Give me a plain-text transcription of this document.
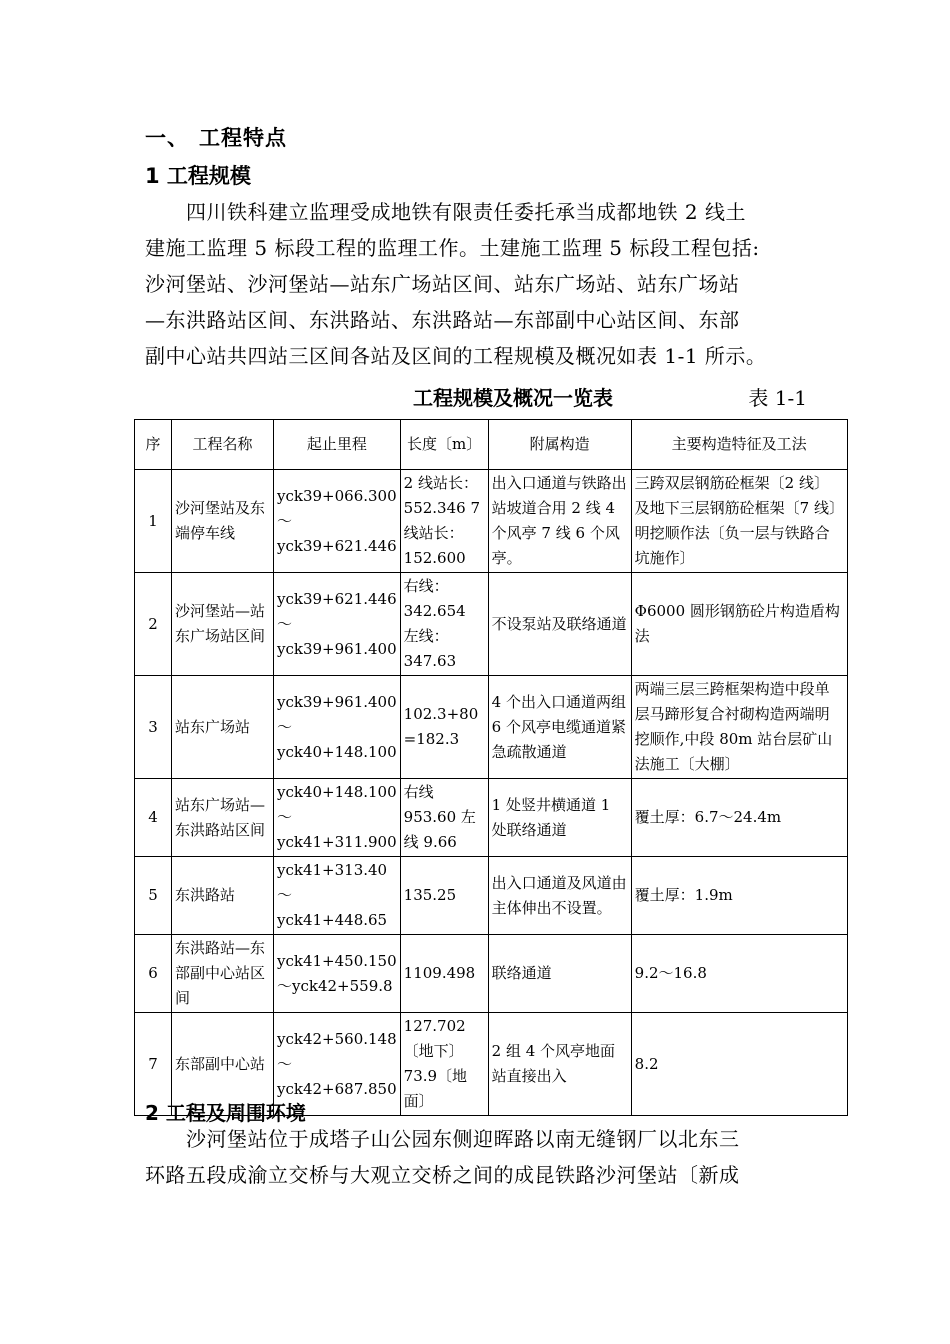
一、 工程特点
1 工程规模
　　四川铁科建立监理受成地铁有限责任委托承当成都地铁 2 线土
建施工监理 5 标段工程的监理工作。土建施工监理 5 标段工程包括:
沙河堡站、沙河堡站—站东广场站区间、站东广场站、站东广场站
—东洪路站区间、东洪路站、东洪路站—东部副中心站区间、东部
副中心站共四站三区间各站及区间的工程规模及概况如表 1-1 所示。
工程规模及概况一览表	表 1-1
序	工程名称	起止里程	长度〔m〕	附属构造	主要构造特征及工法
1	沙河堡站及东端停车线	yck39+066.300～yck39+621.446	2 线站长：552.346 7 线站长：152.600	出入口通道与铁路出站坡道合用 2 线 4 个风亭 7 线 6 个风亭。	三跨双层钢筋砼框架〔2 线〕及地下三层钢筋砼框架〔7 线〕明挖顺作法〔负一层与铁路合坑施作〕
2	沙河堡站—站东广场站区间	yck39+621.446～yck39+961.400	右线：342.654 左线：347.63	不设泵站及联络通道	Φ6000 圆形钢筋砼片构造盾构法
3	站东广场站	yck39+961.400～yck40+148.100	102.3+80 =182.3	4 个出入口通道两组 6 个风亭电缆通道紧急疏散通道	两端三层三跨框架构造中段单层马蹄形复合衬砌构造两端明挖顺作,中段 80m 站台层矿山法施工〔大棚〕
4	站东广场站—东洪路站区间	yck40+148.100～yck41+311.900	右线 953.60 左线 9.66	1 处竖井横通道 1 处联络通道	覆土厚：6.7～24.4m
5	东洪路站	yck41+313.40 ～yck41+448.65	135.25	出入口通道及风道由主体伸出不设置。	覆土厚：1.9m
6	东洪路站—东部副中心站区间	yck41+450.150～yck42+559.8	1109.498	联络通道	9.2～16.8
7	东部副中心站	yck42+560.148～yck42+687.850	127.702〔地下〕73.9〔地面〕	2 组 4 个风亭地面站直接出入	8.2
2 工程及周围环境
　　沙河堡站位于成塔子山公园东侧迎晖路以南无缝钢厂以北东三
环路五段成渝立交桥与大观立交桥之间的成昆铁路沙河堡站〔新成
